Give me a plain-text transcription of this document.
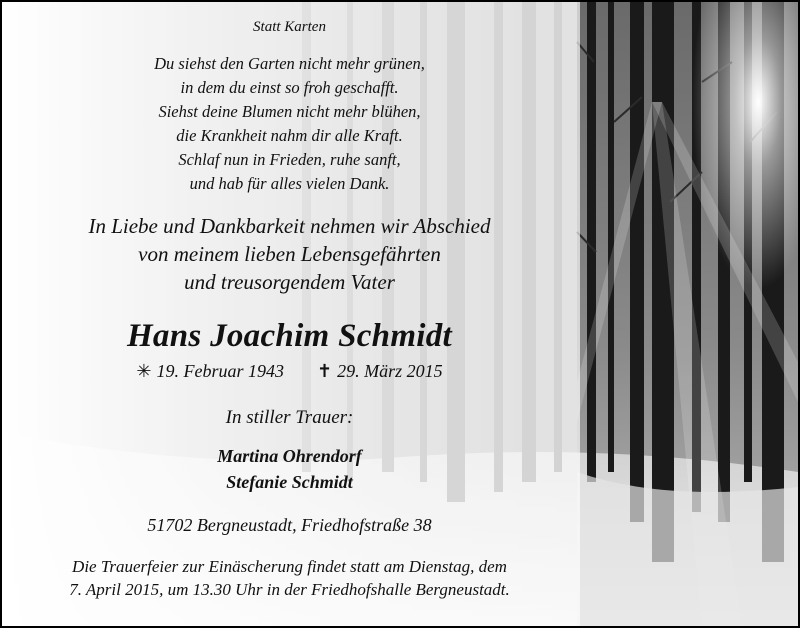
Statt Karten
Du siehst den Garten nicht mehr grünen,
in dem du einst so froh geschafft.
Siehst deine Blumen nicht mehr blühen,
die Krankheit nahm dir alle Kraft.
Schlaf nun in Frieden, ruhe sanft,
und hab für alles vielen Dank.
In Liebe und Dankbarkeit nehmen wir Abschied
von meinem lieben Lebensgefährten
und treusorgendem Vater
Hans Joachim Schmidt
✳ 19. Februar 1943 ✝ 29. März 2015
In stiller Trauer:
Martina Ohrendorf
Stefanie Schmidt
51702 Bergneustadt, Friedhofstraße 38
Die Trauerfeier zur Einäscherung findet statt am Dienstag, dem
7. April 2015, um 13.30 Uhr in der Friedhofshalle Bergneustadt.
